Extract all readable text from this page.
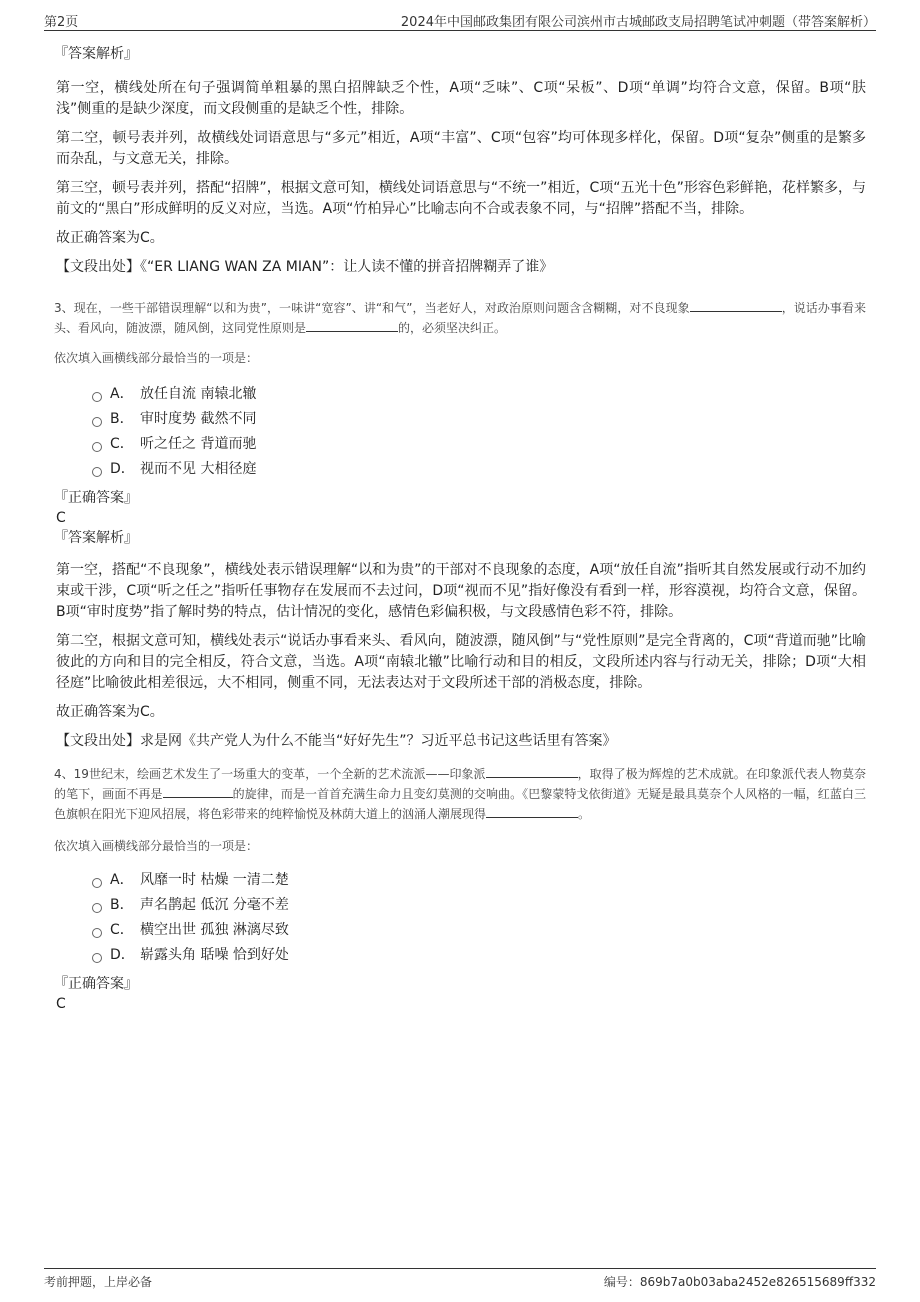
第2页	2024年中国邮政集团有限公司滨州市古城邮政支局招聘笔试冲刺题（带答案解析）

『答案解析』

第一空，横线处所在句子强调简单粗暴的黑白招牌缺乏个性，A项“乏味”、C项“呆板”、D项“单调”均符合文意，保留。B项“肤浅”侧重的是缺少深度，而文段侧重的是缺乏个性，排除。

第二空，顿号表并列，故横线处词语意思与“多元”相近，A项“丰富”、C项“包容”均可体现多样化，保留。D项“复杂”侧重的是繁多而杂乱，与文意无关，排除。

第三空，顿号表并列，搭配“招牌”，根据文意可知，横线处词语意思与“不统一”相近，C项“五光十色”形容色彩鲜艳，花样繁多，与前文的“黑白”形成鲜明的反义对应，当选。A项“竹柏异心”比喻志向不合或表象不同，与“招牌”搭配不当，排除。

故正确答案为C。

【文段出处】《“ER LIANG WAN ZA MIAN”：让人读不懂的拼音招牌糊弄了谁》

3、现在，一些干部错误理解“以和为贵”，一味讲“宽容”、讲“和气”，当老好人，对政治原则问题含含糊糊，对不良现象	，说话办事看来头、看风向，随波漂，随风倒，这同党性原则是	的，必须坚决纠正。

依次填入画横线部分最恰当的一项是：

A． 放任自流 南辕北辙
B． 审时度势 截然不同
C． 听之任之 背道而驰
D． 视而不见 大相径庭

『正确答案』

C

『答案解析』

第一空，搭配“不良现象”，横线处表示错误理解“以和为贵”的干部对不良现象的态度，A项“放任自流”指听其自然发展或行动不加约束或干涉，C项“听之任之”指听任事物存在发展而不去过问，D项“视而不见”指好像没有看到一样，形容漠视，均符合文意，保留。B项“审时度势”指了解时势的特点，估计情况的变化，感情色彩偏积极，与文段感情色彩不符，排除。

第二空，根据文意可知，横线处表示“说话办事看来头、看风向，随波漂，随风倒”与“党性原则”是完全背离的，C项“背道而驰”比喻彼此的方向和目的完全相反，符合文意，当选。A项“南辕北辙”比喻行动和目的相反，文段所述内容与行动无关，排除；D项“大相径庭”比喻彼此相差很远，大不相同，侧重不同，无法表达对于文段所述干部的消极态度，排除。

故正确答案为C。

【文段出处】求是网《共产党人为什么不能当“好好先生”？习近平总书记这些话里有答案》

4、19世纪末，绘画艺术发生了一场重大的变革，一个全新的艺术流派——印象派	，取得了极为辉煌的艺术成就。在印象派代表人物莫奈的笔下，画面不再是	的旋律，而是一首首充满生命力且变幻莫测的交响曲。《巴黎蒙特戈依街道》无疑是最具莫奈个人风格的一幅，红蓝白三色旗帜在阳光下迎风招展，将色彩带来的纯粹愉悦及林荫大道上的汹涌人潮展现得	。

依次填入画横线部分最恰当的一项是：

A． 风靡一时 枯燥 一清二楚
B． 声名鹊起 低沉 分毫不差
C． 横空出世 孤独 淋漓尽致
D． 崭露头角 聒噪 恰到好处

『正确答案』

C

考前押题，上岸必备	编号：869b7a0b03aba2452e826515689ff332
